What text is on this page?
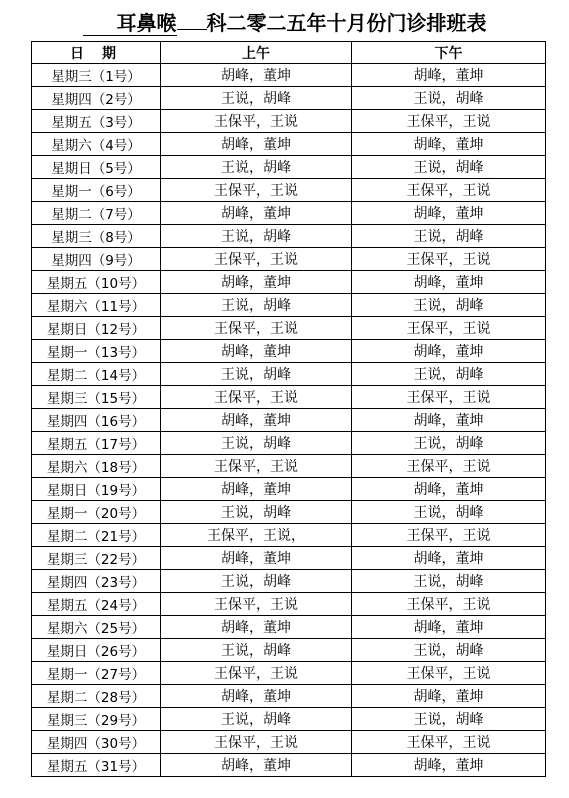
耳鼻喉 科二零二五年十月份门诊排班表
日期	上午	下午
星期三（1号）	胡峰，董坤	胡峰，董坤
星期四（2号）	王说，胡峰	王说，胡峰
星期五（3号）	王保平，王说	王保平，王说
星期六（4号）	胡峰，董坤	胡峰，董坤
星期日（5号）	王说，胡峰	王说，胡峰
星期一（6号）	王保平，王说	王保平，王说
星期二（7号）	胡峰，董坤	胡峰，董坤
星期三（8号）	王说，胡峰	王说，胡峰
星期四（9号）	王保平，王说	王保平，王说
星期五（10号）	胡峰，董坤	胡峰，董坤
星期六（11号）	王说，胡峰	王说，胡峰
星期日（12号）	王保平，王说	王保平，王说
星期一（13号）	胡峰，董坤	胡峰，董坤
星期二（14号）	王说，胡峰	王说，胡峰
星期三（15号）	王保平，王说	王保平，王说
星期四（16号）	胡峰，董坤	胡峰，董坤
星期五（17号）	王说，胡峰	王说，胡峰
星期六（18号）	王保平，王说	王保平，王说
星期日（19号）	胡峰，董坤	胡峰，董坤
星期一（20号）	王说，胡峰	王说，胡峰
星期二（21号）	王保平，王说，	王保平，王说
星期三（22号）	胡峰，董坤	胡峰，董坤
星期四（23号）	王说，胡峰	王说，胡峰
星期五（24号）	王保平，王说	王保平，王说
星期六（25号）	胡峰，董坤	胡峰，董坤
星期日（26号）	王说，胡峰	王说，胡峰
星期一（27号）	王保平，王说	王保平，王说
星期二（28号）	胡峰，董坤	胡峰，董坤
星期三（29号）	王说，胡峰	王说，胡峰
星期四（30号）	王保平，王说	王保平，王说
星期五（31号）	胡峰，董坤	胡峰，董坤
